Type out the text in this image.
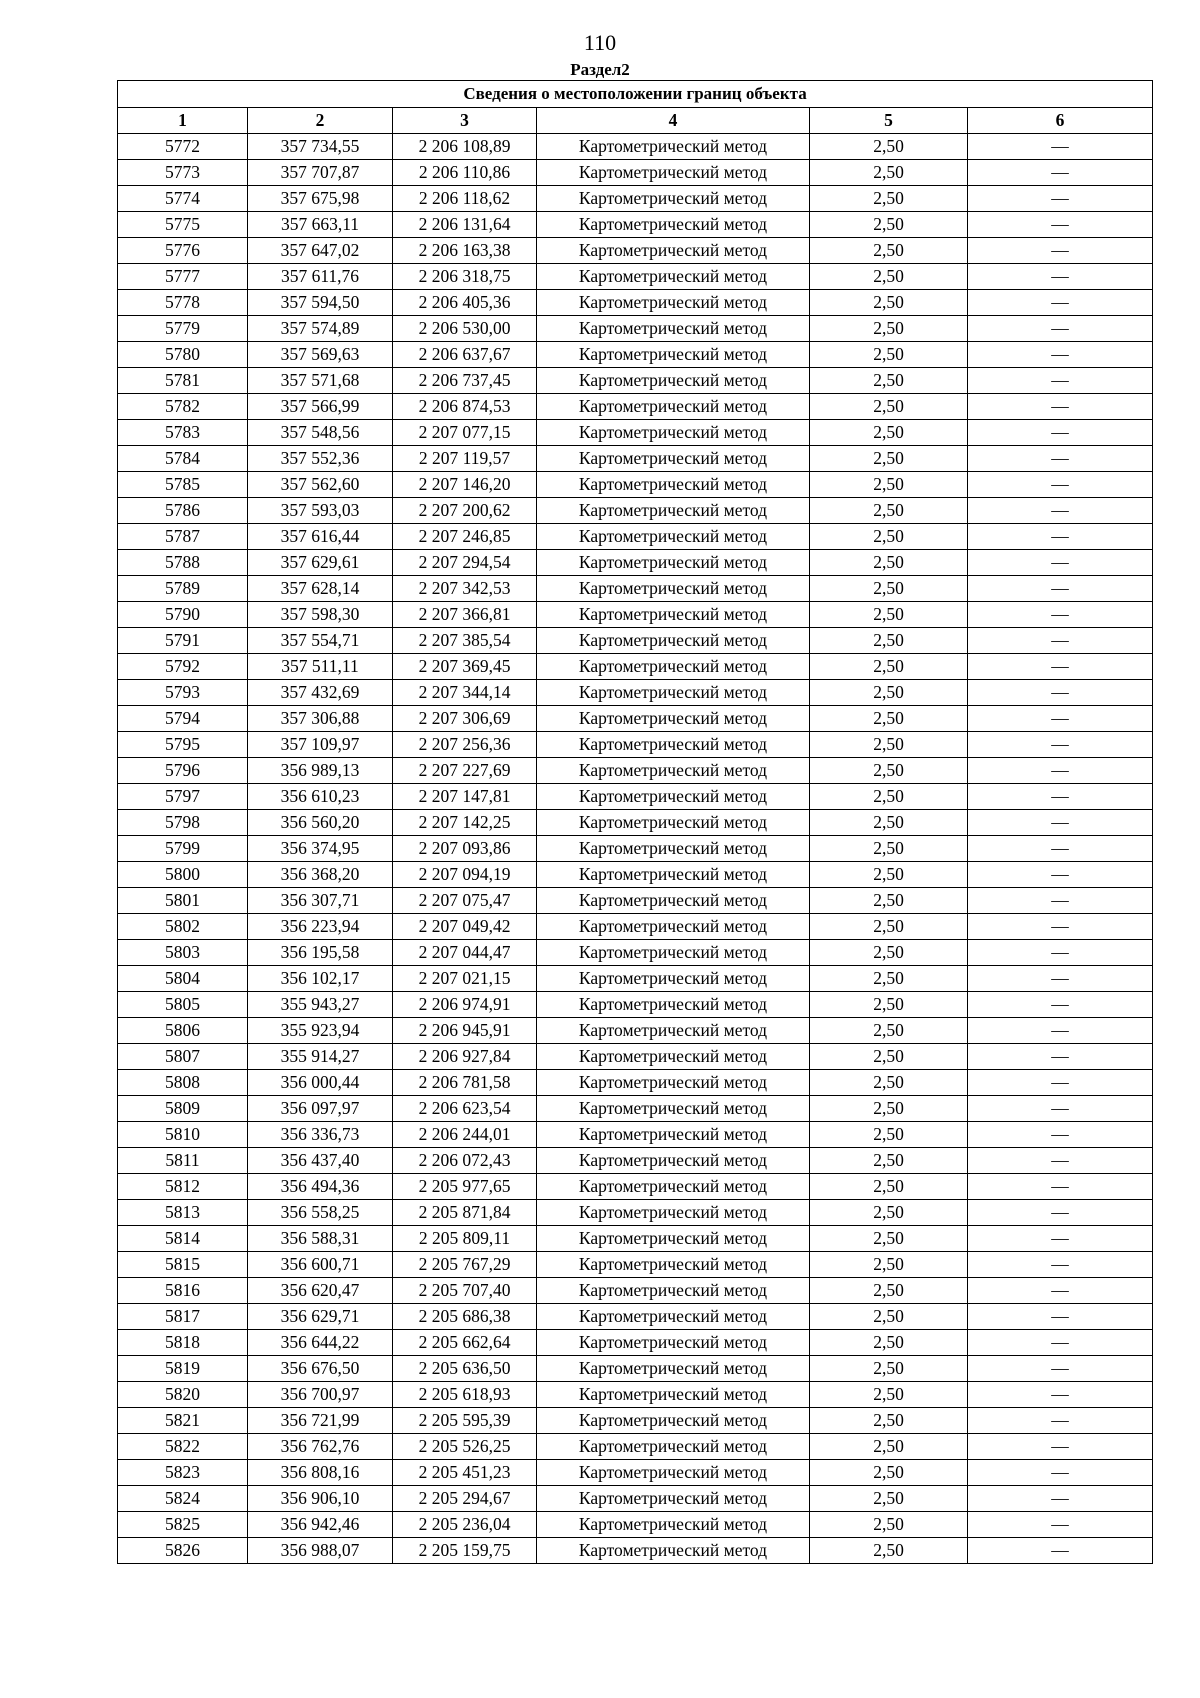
110
Раздел2
Сведения о местоположении границ объекта					
1	2	3	4	5	6
5772	357 734,55	2 206 108,89	Картометрический метод	2,50	—
5773	357 707,87	2 206 110,86	Картометрический метод	2,50	—
5774	357 675,98	2 206 118,62	Картометрический метод	2,50	—
5775	357 663,11	2 206 131,64	Картометрический метод	2,50	—
5776	357 647,02	2 206 163,38	Картометрический метод	2,50	—
5777	357 611,76	2 206 318,75	Картометрический метод	2,50	—
5778	357 594,50	2 206 405,36	Картометрический метод	2,50	—
5779	357 574,89	2 206 530,00	Картометрический метод	2,50	—
5780	357 569,63	2 206 637,67	Картометрический метод	2,50	—
5781	357 571,68	2 206 737,45	Картометрический метод	2,50	—
5782	357 566,99	2 206 874,53	Картометрический метод	2,50	—
5783	357 548,56	2 207 077,15	Картометрический метод	2,50	—
5784	357 552,36	2 207 119,57	Картометрический метод	2,50	—
5785	357 562,60	2 207 146,20	Картометрический метод	2,50	—
5786	357 593,03	2 207 200,62	Картометрический метод	2,50	—
5787	357 616,44	2 207 246,85	Картометрический метод	2,50	—
5788	357 629,61	2 207 294,54	Картометрический метод	2,50	—
5789	357 628,14	2 207 342,53	Картометрический метод	2,50	—
5790	357 598,30	2 207 366,81	Картометрический метод	2,50	—
5791	357 554,71	2 207 385,54	Картометрический метод	2,50	—
5792	357 511,11	2 207 369,45	Картометрический метод	2,50	—
5793	357 432,69	2 207 344,14	Картометрический метод	2,50	—
5794	357 306,88	2 207 306,69	Картометрический метод	2,50	—
5795	357 109,97	2 207 256,36	Картометрический метод	2,50	—
5796	356 989,13	2 207 227,69	Картометрический метод	2,50	—
5797	356 610,23	2 207 147,81	Картометрический метод	2,50	—
5798	356 560,20	2 207 142,25	Картометрический метод	2,50	—
5799	356 374,95	2 207 093,86	Картометрический метод	2,50	—
5800	356 368,20	2 207 094,19	Картометрический метод	2,50	—
5801	356 307,71	2 207 075,47	Картометрический метод	2,50	—
5802	356 223,94	2 207 049,42	Картометрический метод	2,50	—
5803	356 195,58	2 207 044,47	Картометрический метод	2,50	—
5804	356 102,17	2 207 021,15	Картометрический метод	2,50	—
5805	355 943,27	2 206 974,91	Картометрический метод	2,50	—
5806	355 923,94	2 206 945,91	Картометрический метод	2,50	—
5807	355 914,27	2 206 927,84	Картометрический метод	2,50	—
5808	356 000,44	2 206 781,58	Картометрический метод	2,50	—
5809	356 097,97	2 206 623,54	Картометрический метод	2,50	—
5810	356 336,73	2 206 244,01	Картометрический метод	2,50	—
5811	356 437,40	2 206 072,43	Картометрический метод	2,50	—
5812	356 494,36	2 205 977,65	Картометрический метод	2,50	—
5813	356 558,25	2 205 871,84	Картометрический метод	2,50	—
5814	356 588,31	2 205 809,11	Картометрический метод	2,50	—
5815	356 600,71	2 205 767,29	Картометрический метод	2,50	—
5816	356 620,47	2 205 707,40	Картометрический метод	2,50	—
5817	356 629,71	2 205 686,38	Картометрический метод	2,50	—
5818	356 644,22	2 205 662,64	Картометрический метод	2,50	—
5819	356 676,50	2 205 636,50	Картометрический метод	2,50	—
5820	356 700,97	2 205 618,93	Картометрический метод	2,50	—
5821	356 721,99	2 205 595,39	Картометрический метод	2,50	—
5822	356 762,76	2 205 526,25	Картометрический метод	2,50	—
5823	356 808,16	2 205 451,23	Картометрический метод	2,50	—
5824	356 906,10	2 205 294,67	Картометрический метод	2,50	—
5825	356 942,46	2 205 236,04	Картометрический метод	2,50	—
5826	356 988,07	2 205 159,75	Картометрический метод	2,50	—
